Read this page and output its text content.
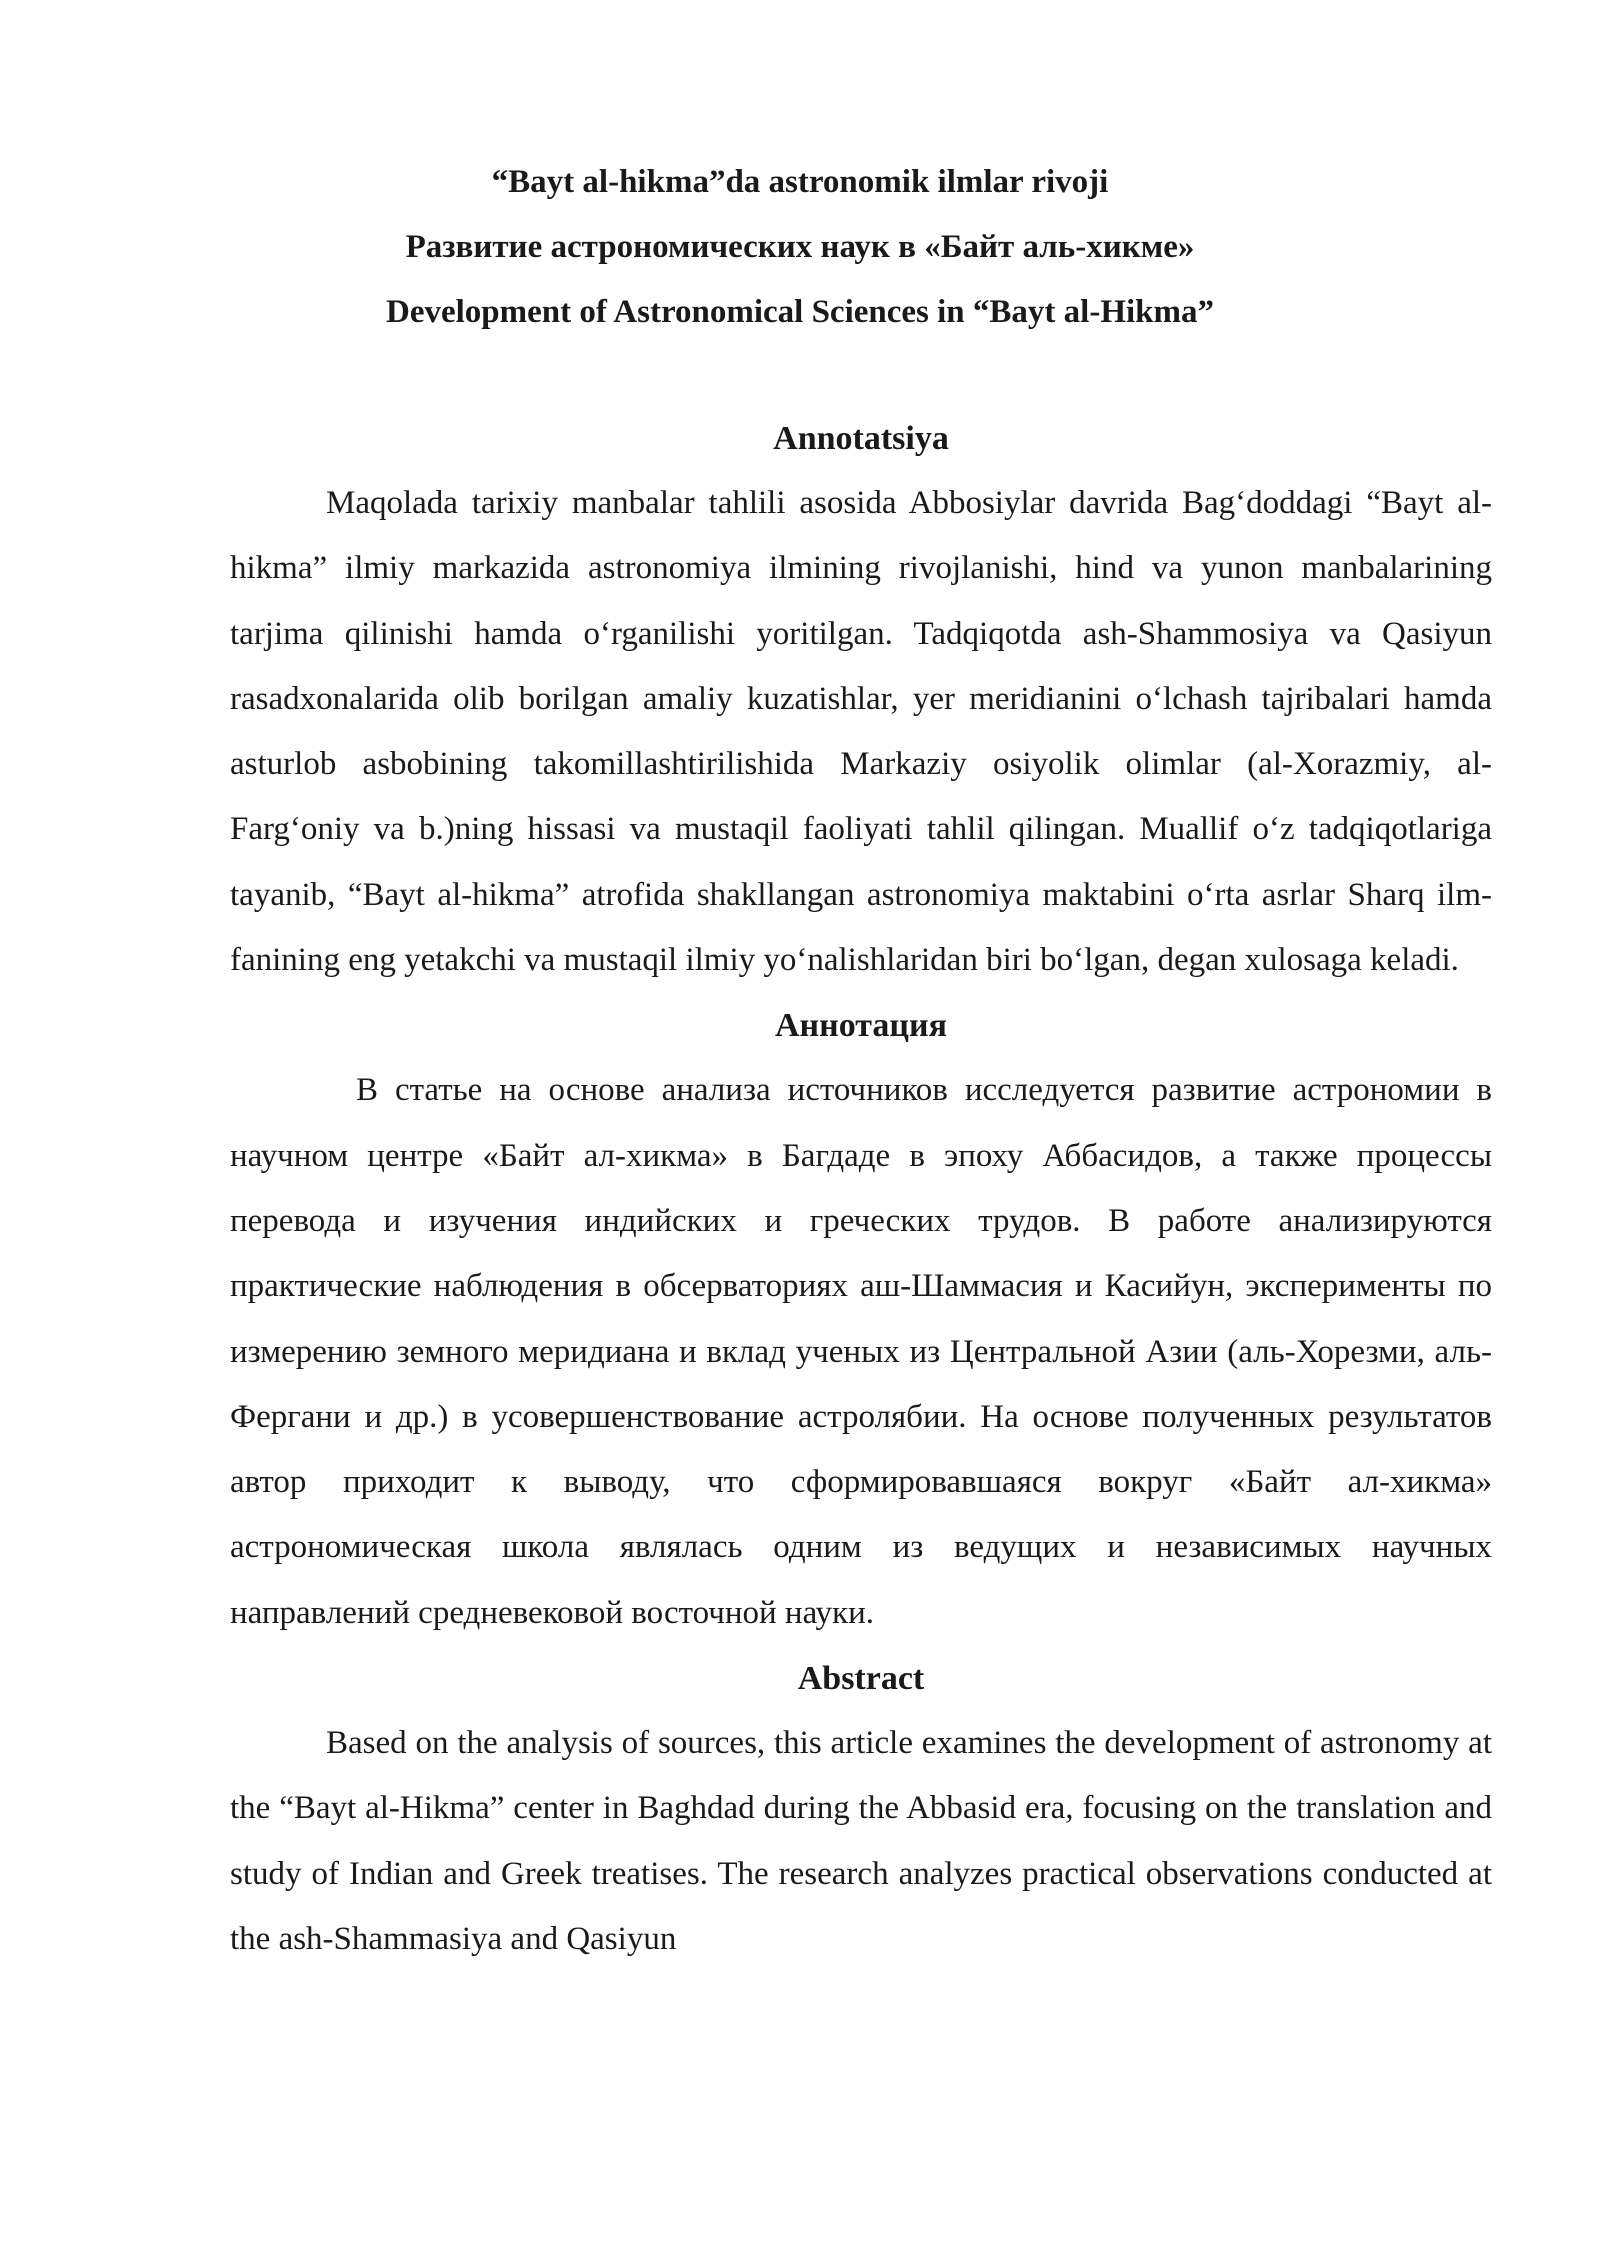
“Bayt al-hikma”da astronomik ilmlar rivoji
Развитие астрономических наук в «Байт аль-хикме»
Development of Astronomical Sciences in “Bayt al-Hikma”
Annotatsiya

Maqolada tarixiy manbalar tahlili asosida Abbosiylar davrida Bag‘doddagi “Bayt al-hikma” ilmiy markazida astronomiya ilmining rivojlanishi, hind va yunon manbalarining tarjima qilinishi hamda o‘rganilishi yoritilgan. Tadqiqotda ash-Shammosiya va Qasiyun rasadxonalarida olib borilgan amaliy kuzatishlar, yer meridianini o‘lchash tajribalari hamda asturlob asbobining takomillashtirilishida Markaziy osiyolik olimlar (al-Xorazmiy, al-Farg‘oniy va b.)ning hissasi va mustaqil faoliyati tahlil qilingan. Muallif o‘z tadqiqotlariga tayanib, “Bayt al-hikma” atrofida shakllangan astronomiya maktabini o‘rta asrlar Sharq ilm-fanining eng yetakchi va mustaqil ilmiy yo‘nalishlaridan biri bo‘lgan, degan xulosaga keladi.

Аннотация

В статье на основе анализа источников исследуется развитие астрономии в научном центре «Байт ал-хикма» в Багдаде в эпоху Аббасидов, а также процессы перевода и изучения индийских и греческих трудов. В работе анализируются практические наблюдения в обсерваториях аш-Шаммасия и Касийун, эксперименты по измерению земного меридиана и вклад ученых из Центральной Азии (аль-Хорезми, аль-Фергани и др.) в усовершенствование астролябии. На основе полученных результатов автор приходит к выводу, что сформировавшаяся вокруг «Байт ал-хикма» астрономическая школа являлась одним из ведущих и независимых научных направлений средневековой восточной науки.

Abstract

Based on the analysis of sources, this article examines the development of astronomy at the “Bayt al-Hikma” center in Baghdad during the Abbasid era, focusing on the translation and study of Indian and Greek treatises. The research analyzes practical observations conducted at the ash-Shammasiya and Qasiyun
